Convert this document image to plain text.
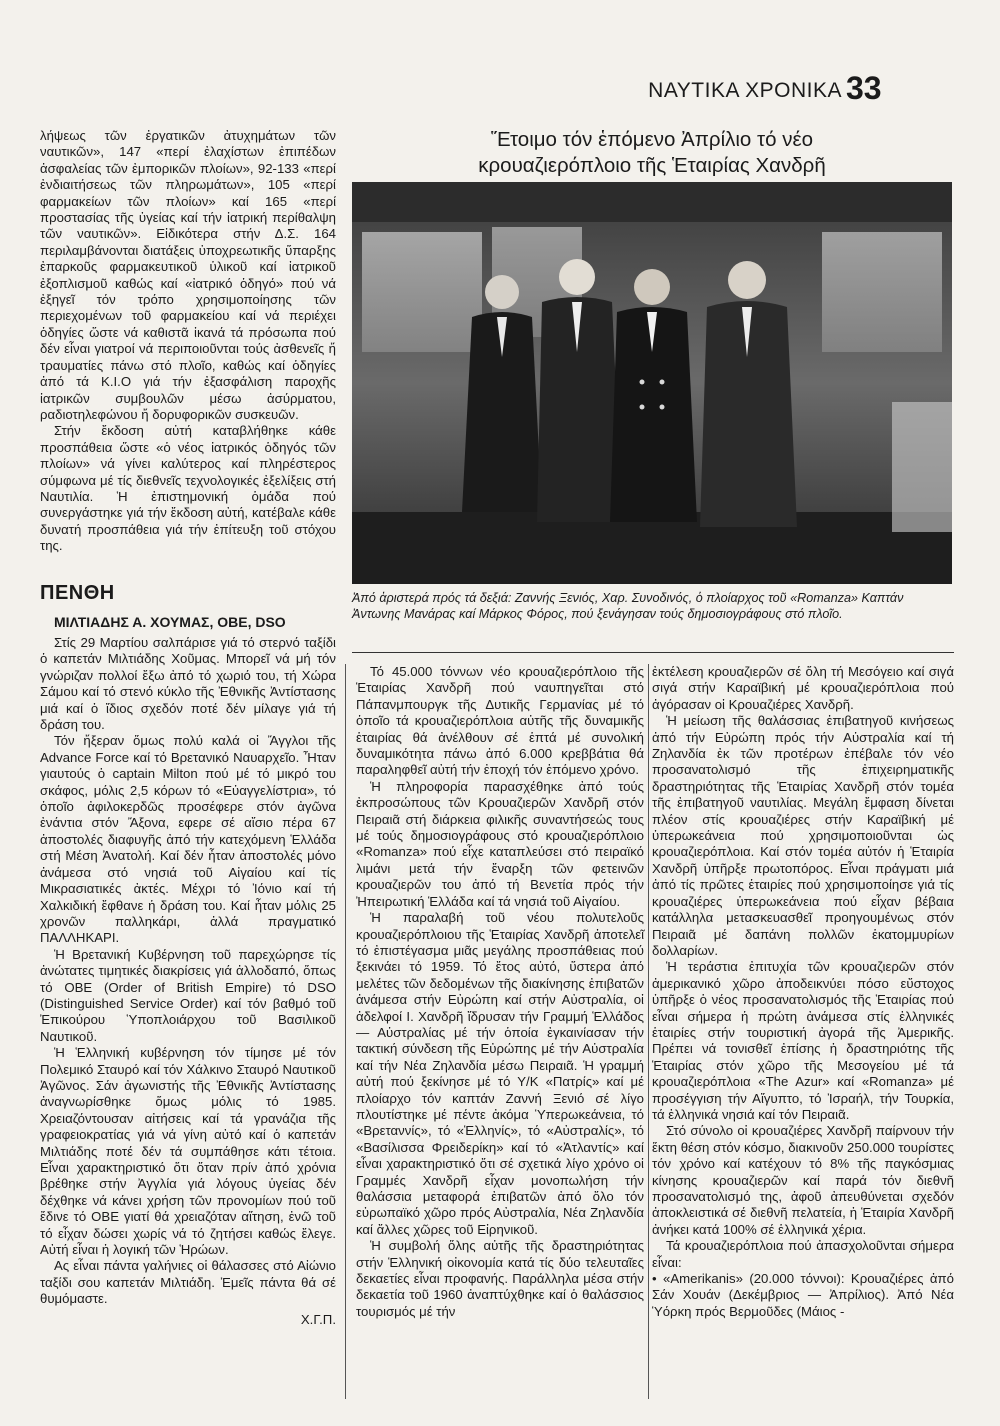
ΝΑΥΤΙΚΑ ΧΡΟΝΙΚΑ 33

λήψεως τῶν ἐργατικῶν ἀτυχημάτων τῶν ναυτικῶν», 147 «περί ἐλαχίστων ἐπιπέδων ἀσφαλείας τῶν ἐμπορικῶν πλοίων», 92-133 «περί ἐνδιαιτήσεως τῶν πληρωμάτων», 105 «περί φαρμακείων τῶν πλοίων» καί 165 «περί προστασίας τῆς ὑγείας καί τήν ἰατρική περίθαλψη τῶν ναυτικῶν». Εἰδικότερα στήν Δ.Σ. 164 περιλαμβάνονται διατάξεις ὑποχρεωτικῆς ὕπαρξης ἐπαρκοῦς φαρμακευτικοῦ ὑλικοῦ καί ἰατρικοῦ ἐξοπλισμοῦ καθώς καί «ἰατρικό ὁδηγό» πού νά ἐξηγεῖ τόν τρόπο χρησιμοποίησης τῶν περιεχομένων τοῦ φαρμακείου καί νά περιέχει ὁδηγίες ὥστε νά καθιστᾶ ἱκανά τά πρόσωπα πού δέν εἶναι γιατροί νά περιποιοῦνται τούς ἀσθενεῖς ἤ τραυματίες πάνω στό πλοῖο, καθώς καί ὁδηγίες ἀπό τά Κ.Ι.Ο γιά τήν ἐξασφάλιση παροχῆς ἰατρικῶν συμβουλῶν μέσω ἀσύρματου, ραδιοτηλεφώνου ἤ δορυφορικῶν συσκευῶν.

Στήν ἔκδοση αὐτή καταβλήθηκε κάθε προσπάθεια ὥστε «ὁ νέος ἰατρικός ὁδηγός τῶν πλοίων» νά γίνει καλύτερος καί πληρέστερος σύμφωνα μέ τίς διεθνεῖς τεχνολογικές ἐξελίξεις στή Ναυτιλία. Ἡ ἐπιστημονική ὁμάδα πού συνεργάστηκε γιά τήν ἔκδοση αὐτή, κατέβαλε κάθε δυνατή προσπάθεια γιά τήν ἐπίτευξη τοῦ στόχου της.

ΠΕΝΘΗ
ΜΙΛΤΙΑΔΗΣ Α. ΧΟΥΜΑΣ, OBE, DSO

Στίς 29 Μαρτίου σαλπάρισε γιά τό στερνό ταξίδι ὁ καπετάν Μιλτιάδης Χοῦμας. Μπορεῖ νά μή τόν γνώριζαν πολλοί ἔξω ἀπό τό χωριό του, τή Χώρα Σάμου καί τό στενό κύκλο τῆς Ἐθνικῆς Ἀντίστασης μιά καί ὁ ἴδιος σχεδόν ποτέ δέν μίλαγε γιά τή δράση του.

Τόν ἤξεραν ὅμως πολύ καλά οἱ Ἄγγλοι τῆς Advance Force καί τό Βρετανικό Ναυαρχεῖο. Ἦταν γιαυτούς ὁ captain Milton πού μέ τό μικρό του σκάφος, μόλις 2,5 κόρων τό «Εὐαγγελίστρια», τό ὁποῖο ἀφιλοκερδῶς προσέφερε στόν ἀγῶνα ἐνάντια στόν Ἄξονα, εφερε σέ αἴσιο πέρα 67 ἀποστολές διαφυγῆς ἀπό τήν κατεχόμενη Ἑλλάδα στή Μέση Ἀνατολή. Καί δέν ἦταν ἀποστολές μόνο ἀνάμεσα στό νησιά τοῦ Αἰγαίου καί τίς Μικρασιατικές ἀκτές. Μέχρι τό Ἰόνιο καί τή Χαλκιδική ἔφθανε ἡ δράση του. Καί ἦταν μόλις 25 χρονῶν παλληκάρι, ἀλλά πραγματικό ΠΑΛΛΗΚΑΡΙ.

Ἡ Βρετανική Κυβέρνηση τοῦ παρεχώρησε τίς ἀνώτατες τιμητικές διακρίσεις γιά ἀλλοδαπό, ὅπως τό OBE (Order of British Empire) τό DSO (Distinguished Service Order) καί τόν βαθμό τοῦ Ἐπικούρου Ὑποπλοιάρχου τοῦ Βασιλικοῦ Ναυτικοῦ.

Ἡ Ἑλληνική κυβέρνηση τόν τίμησε μέ τόν Πολεμικό Σταυρό καί τόν Χάλκινο Σταυρό Ναυτικοῦ Ἀγῶνος. Σάν ἀγωνιστής τῆς Ἐθνικῆς Ἀντίστασης ἀναγνωρίσθηκε ὅμως μόλις τό 1985. Χρειαζόντουσαν αἰτήσεις καί τά γρανάζια τῆς γραφειοκρατίας γιά νά γίνη αὐτό καί ὁ καπετάν Μιλτιάδης ποτέ δέν τά συμπάθησε κάτι τέτοια. Εἶναι χαρακτηριστικό ὅτι ὅταν πρίν ἀπό χρόνια βρέθηκε στήν Ἀγγλία γιά λόγους ὑγείας δέν δέχθηκε νά κάνει χρήση τῶν προνομίων πού τοῦ ἔδινε τό OBE γιατί θά χρειαζόταν αἴτηση, ἐνῶ τοῦ τό εἶχαν δώσει χωρίς νά τό ζητήσει καθώς ἔλεγε. Αὐτή εἶναι ἡ λογική τῶν Ἡρώων.

Ας εἶναι πάντα γαλήνιες οἱ θάλασσες στό Αἰώνιο ταξίδι σου καπετάν Μιλτιάδη. Ἐμεῖς πάντα θά σέ θυμόμαστε.

Χ.Γ.Π.

Ἕτοιμο τόν ἑπόμενο Ἀπρίλιο τό νέο
κρουαζιερόπλοιο τῆς Ἑταιρίας Χανδρῆ
Ἀπό ἀριστερά πρός τά δεξιά: Ζαννής Ξενιός, Χαρ. Συνοδινός, ὁ πλοίαρχος τοῦ «Romanza» Καπτάν Ἀντωνης Μανάρας καί Μάρκος Φόρος, πού ξενάγησαν τούς δημοσιογράφους στό πλοῖο.

Τό 45.000 τόννων νέο κρουαζιερόπλοιο τῆς Ἑταιρίας Χανδρῆ πού ναυπηγεῖται στό Πάπανμπουργκ τῆς Δυτικῆς Γερμανίας μέ τό ὁποῖο τά κρουαζιερόπλοια αὐτῆς τῆς δυναμικῆς ἑταιρίας θά ἀνέλθουν σέ ἑπτά μέ συνολική δυναμικότητα πάνω ἀπό 6.000 κρεββάτια θά παραληφθεῖ αὐτή τήν ἐποχή τόν ἑπόμενο χρόνο.

Ἡ πληροφορία παρασχέθηκε ἀπό τούς ἐκπροσώπους τῶν Κρουαζιερῶν Χανδρῆ στόν Πειραιᾶ στή διάρκεια φιλικῆς συναντήσεώς τους μέ τούς δημοσιογράφους στό κρουαζιερόπλοιο «Romanza» πού εἶχε καταπλεύσει στό πειραϊκό λιμάνι μετά τήν ἔναρξη τῶν φετεινῶν κρουαζιερῶν του ἀπό τή Βενετία πρός τήν Ἠπειρωτική Ἑλλάδα καί τά νησιά τοῦ Αἰγαίου.

Ἡ παραλαβή τοῦ νέου πολυτελοῦς κρουαζιερόπλοιου τῆς Ἑταιρίας Χανδρῆ ἀποτελεῖ τό ἐπιστέγασμα μιᾶς μεγάλης προσπάθειας πού ξεκινάει τό 1959. Τό ἔτος αὐτό, ὕστερα ἀπό μελέτες τῶν δεδομένων τῆς διακίνησης ἐπιβατῶν ἀνάμεσα στήν Εὐρώπη καί στήν Αὐστραλία, οἱ ἀδελφοί Ι. Χανδρῆ ἵδρυσαν τήν Γραμμή Ἑλλάδος — Αὐστραλίας μέ τήν ὁποία ἐγκαινίασαν τήν τακτική σύνδεση τῆς Εὐρώπης μέ τήν Αὐστραλία καί τήν Νέα Ζηλανδία μέσω Πειραιᾶ. Ἡ γραμμή αὐτή πού ξεκίνησε μέ τό Υ/Κ «Πατρίς» καί μέ πλοίαρχο τόν καπτάν Ζαννή Ξενιό σέ λίγο πλουτίστηκε μέ πέντε ἀκόμα Ὑπερωκεάνεια, τό «Βρεταννίς», τό «Ἑλληνίς», τό «Αὐστραλίς», τό «Βασίλισσα Φρειδερίκη» καί τό «Ἀτλαντίς» καί εἶναι χαρακτηριστικό ὅτι σέ σχετικά λίγο χρόνο οἱ Γραμμές Χανδρῆ εἶχαν μονοπωλήση τήν θαλάσσια μεταφορά ἐπιβατῶν ἀπό ὅλο τόν εὐρωπαϊκό χῶρο πρός Αὐστραλία, Νέα Ζηλανδία καί ἄλλες χῶρες τοῦ Εἰρηνικοῦ.

Ἡ συμβολή ὅλης αὐτῆς τῆς δραστηριότητας στήν Ἑλληνική οἰκονομία κατά τίς δύο τελευταῖες δεκαετίες εἶναι προφανής. Παράλληλα μέσα στήν δεκαετία τοῦ 1960 ἀναπτύχθηκε καί ὁ θαλάσσιος τουρισμός μέ τήν

ἐκτέλεση κρουαζιερῶν σέ ὅλη τή Μεσόγειο καί σιγά σιγά στήν Καραϊβική μέ κρουαζιερόπλοια πού ἀγόρασαν οἱ Κρουαζιέρες Χανδρῆ.

Ἡ μείωση τῆς θαλάσσιας ἐπιβατηγοῦ κινήσεως ἀπό τήν Εὐρώπη πρός τήν Αὐστραλία καί τή Ζηλανδία ἐκ τῶν προτέρων ἐπέβαλε τόν νέο προσανατολισμό τῆς ἐπιχειρηματικῆς δραστηριότητας τῆς Ἑταιρίας Χανδρῆ στόν τομέα τῆς ἐπιβατηγοῦ ναυτιλίας. Μεγάλη ἔμφαση δίνεται πλέον στίς κρουαζιέρες στήν Καραϊβική μέ ὑπερωκεάνεια πού χρησιμοποιοῦνται ὡς κρουαζιερόπλοια. Καί στόν τομέα αὐτόν ἡ Ἑταιρία Χανδρῆ ὑπῆρξε πρωτοπόρος. Εἶναι πράγματι μιά ἀπό τίς πρῶτες ἑταιρίες πού χρησιμοποίησε γιά τίς κρουαζιέρες ὑπερωκεάνεια πού εἶχαν βέβαια κατάλληλα μετασκευασθεῖ προηγουμένως στόν Πειραιᾶ μέ δαπάνη πολλῶν ἑκατομμυρίων δολλαρίων.

Ἡ τεράστια ἐπιτυχία τῶν κρουαζιερῶν στόν ἀμερικανικό χῶρο ἀποδεικνύει πόσο εὔστοχος ὑπῆρξε ὁ νέος προσανατολισμός τῆς Ἑταιρίας πού εἶναι σήμερα ἡ πρώτη ἀνάμεσα στίς ἑλληνικές ἑταιρίες στήν τουριστική ἀγορά τῆς Ἀμερικῆς. Πρέπει νά τονισθεῖ ἐπίσης ἡ δραστηριότης τῆς Ἑταιρίας στόν χῶρο τῆς Μεσογείου μέ τά κρουαζιερόπλοια «The Azur» καί «Romanza» μέ προσέγγιση τήν Αἴγυπτο, τό Ἰσραήλ, τήν Τουρκία, τά ἑλληνικά νησιά καί τόν Πειραιᾶ.

Στό σύνολο οἱ κρουαζιέρες Χανδρῆ παίρνουν τήν ἕκτη θέση στόν κόσμο, διακινοῦν 250.000 τουρίστες τόν χρόνο καί κατέχουν τό 8% τῆς παγκόσμιας κίνησης κρουαζιερῶν καί παρά τόν διεθνῆ προσανατολισμό της, ἀφοῦ ἀπευθύνεται σχεδόν ἀποκλειστικά σέ διεθνῆ πελατεία, ἡ Ἑταιρία Χανδρῆ ἀνήκει κατά 100% σέ ἑλληνικά χέρια.

Τά κρουαζιερόπλοια πού ἀπασχολοῦνται σήμερα εἶναι:

• «Amerikanis» (20.000 τόννοι): Κρουαζιέρες ἀπό Σάν Χουάν (Δεκέμβριος — Ἀπρίλιος). Ἀπό Νέα Ὑόρκη πρός Βερμοῦδες (Μάιος -
